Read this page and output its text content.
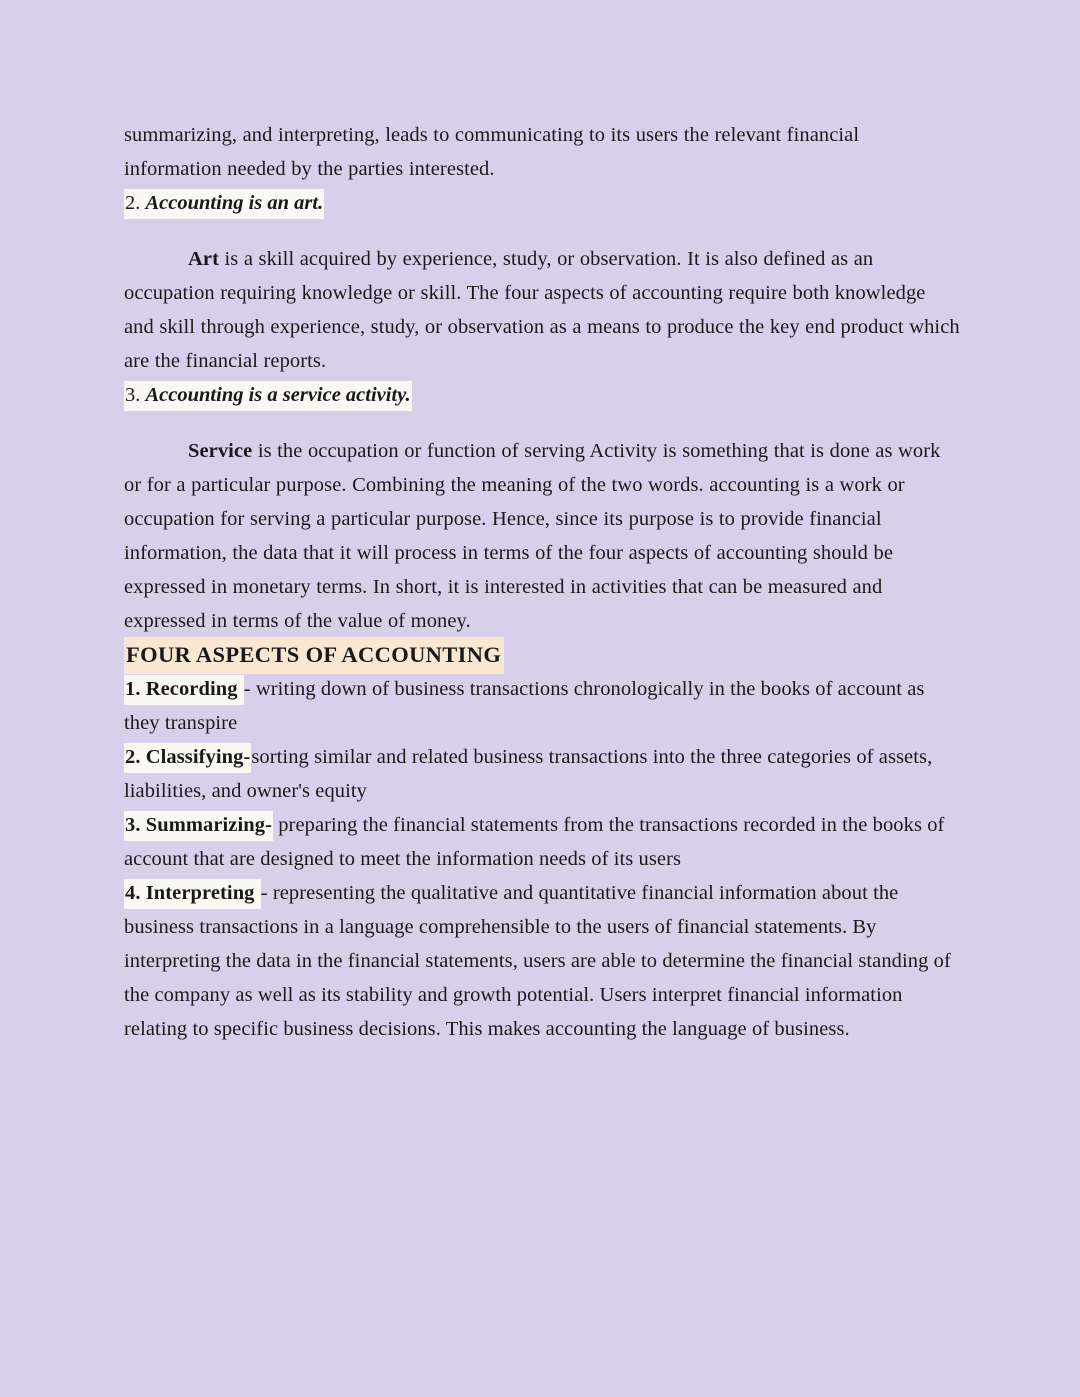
summarizing, and interpreting, leads to communicating to its users the relevant financial information needed by the parties interested.

2. Accounting is an art.

Art is a skill acquired by experience, study, or observation. It is also defined as an occupation requiring knowledge or skill. The four aspects of accounting require both knowledge and skill through experience, study, or observation as a means to produce the key end product which are the financial reports.

3. Accounting is a service activity.

Service is the occupation or function of serving Activity is something that is done as work or for a particular purpose. Combining the meaning of the two words. accounting is a work or occupation for serving a particular purpose. Hence, since its purpose is to provide financial information, the data that it will process in terms of the four aspects of accounting should be expressed in monetary terms. In short, it is interested in activities that can be measured and expressed in terms of the value of money.

FOUR ASPECTS OF ACCOUNTING

1. Recording - writing down of business transactions chronologically in the books of account as they transpire

2. Classifying-sorting similar and related business transactions into the three categories of assets, liabilities, and owner's equity

3. Summarizing- preparing the financial statements from the transactions recorded in the books of account that are designed to meet the information needs of its users

4. Interpreting - representing the qualitative and quantitative financial information about the business transactions in a language comprehensible to the users of financial statements. By interpreting the data in the financial statements, users are able to determine the financial standing of the company as well as its stability and growth potential. Users interpret financial information relating to specific business decisions. This makes accounting the language of business.
